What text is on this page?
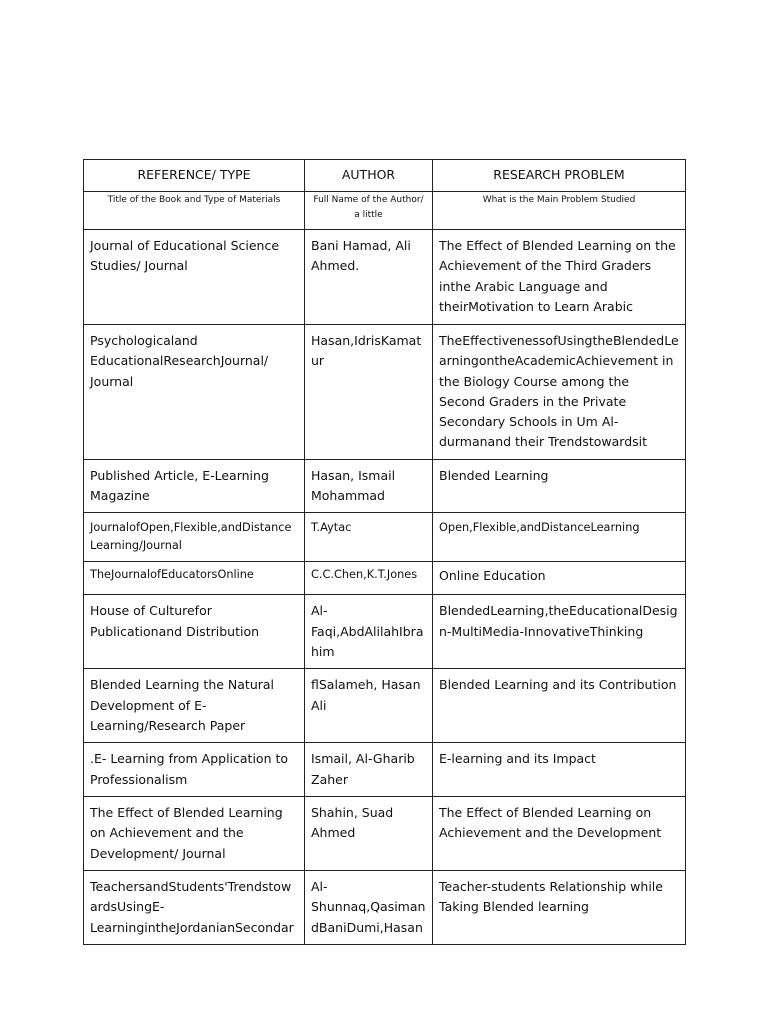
REFERENCE/ TYPE	AUTHOR	RESEARCH PROBLEM
Title of the Book and Type of Materials	Full Name of the Author/ a little	What is the Main Problem Studied
Journal of Educational Science Studies/ Journal	Bani Hamad, Ali Ahmed.	The Effect of Blended Learning on the Achievement of the Third Graders inthe Arabic Language and theirMotivation to Learn Arabic
Psychologicaland EducationalResearchJournal/ Journal	Hasan,IdrisKamatur	TheEffectivenessofUsingtheBlendedLearningontheAcademicAchievement in the Biology Course among the Second Graders in the Private Secondary Schools in Um Al-durmanand their Trendstowardsit
Published Article, E-Learning Magazine	Hasan, Ismail Mohammad	Blended Learning
JournalofOpen,Flexible,andDistance Learning/Journal	T.Aytac	Open,Flexible,andDistanceLearning
TheJournalofEducatorsOnline	C.C.Chen,K.T.Jones	Online Education
House of Culturefor Publicationand Distribution	Al-Faqi,AbdAlilahIbrahim	BlendedLearning,theEducationalDesign-MultiMedia-InnovativeThinking
Blended Learning the Natural Development of E-Learning/Research Paper	flSalameh, Hasan Ali	Blended Learning and its Contribution
.E- Learning from Application to Professionalism	Ismail, Al-Gharib Zaher	E-learning and its Impact
The Effect of Blended Learning on Achievement and the Development/ Journal	Shahin, Suad Ahmed	The Effect of Blended Learning on Achievement and the Development
TeachersandStudents'TrendstowardsUsingE-LearningintheJordanianSecondar	Al-Shunnaq,QasimandBaniDumi,Hasan	Teacher-students Relationship while Taking Blended learning
